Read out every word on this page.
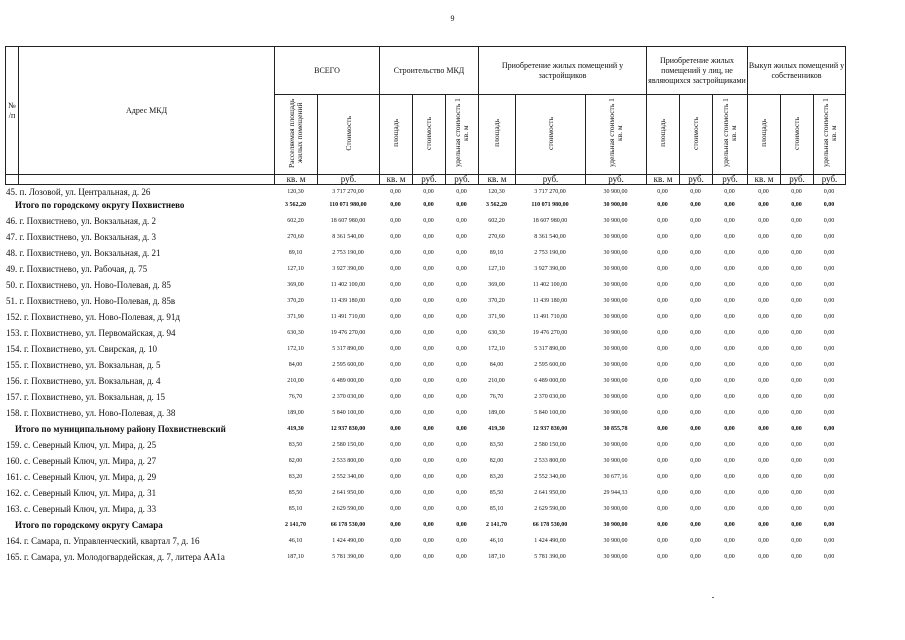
9
№
/п	Адрес МКД	ВСЕГО		Строительство МКД			Приобретение жилых помещений у застройщиков			Приобретение жилых помещений у лиц, не являющихся застройщиками			Выкуп жилых помещений у собственников		
		Расселяемая площадь жилых помещений	Стоимость	площадь	стоимость	удельная стоимость 1 кв. м	площадь	стоимость	удельная стоимость 1 кв. м	площадь	стоимость	удельная стоимость 1 кв. м	площадь	стоимость	удельная стоимость 1 кв. м
		кв. м	руб.	кв. м	руб.	руб.	кв. м	руб.	руб.	кв. м	руб.	руб.	кв. м	руб.	руб.
45. п. Лозовой, ул. Центральная, д. 26	120,30	3 717 270,00	0,00	0,00	0,00	120,30	3 717 270,00	30 900,00	0,00	0,00	0,00	0,00	0,00	0,00
Итого по городскому округу Похвистнево	3 562,20	110 071 980,00	0,00	0,00	0,00	3 562,20	110 071 980,00	30 900,00	0,00	0,00	0,00	0,00	0,00	0,00
46. г. Похвистнево, ул. Вокзальная, д. 2	602,20	18 607 980,00	0,00	0,00	0,00	602,20	18 607 980,00	30 900,00	0,00	0,00	0,00	0,00	0,00	0,00
47. г. Похвистнево, ул. Вокзальная, д. 3	270,60	8 361 540,00	0,00	0,00	0,00	270,60	8 361 540,00	30 900,00	0,00	0,00	0,00	0,00	0,00	0,00
48. г. Похвистнево, ул. Вокзальная, д. 21	89,10	2 753 190,00	0,00	0,00	0,00	89,10	2 753 190,00	30 900,00	0,00	0,00	0,00	0,00	0,00	0,00
49. г. Похвистнево, ул. Рабочая, д. 75	127,10	3 927 390,00	0,00	0,00	0,00	127,10	3 927 390,00	30 900,00	0,00	0,00	0,00	0,00	0,00	0,00
50. г. Похвистнево, ул. Ново-Полевая, д. 85	369,00	11 402 100,00	0,00	0,00	0,00	369,00	11 402 100,00	30 900,00	0,00	0,00	0,00	0,00	0,00	0,00
51. г. Похвистнево, ул. Ново-Полевая, д. 85в	370,20	11 439 180,00	0,00	0,00	0,00	370,20	11 439 180,00	30 900,00	0,00	0,00	0,00	0,00	0,00	0,00
152. г. Похвистнево, ул. Ново-Полевая, д. 91д	371,90	11 491 710,00	0,00	0,00	0,00	371,90	11 491 710,00	30 900,00	0,00	0,00	0,00	0,00	0,00	0,00
153. г. Похвистнево, ул. Первомайская, д. 94	630,30	19 476 270,00	0,00	0,00	0,00	630,30	19 476 270,00	30 900,00	0,00	0,00	0,00	0,00	0,00	0,00
154. г. Похвистнево, ул. Свирская, д. 10	172,10	5 317 890,00	0,00	0,00	0,00	172,10	5 317 890,00	30 900,00	0,00	0,00	0,00	0,00	0,00	0,00
155. г. Похвистнево, ул. Вокзальная, д. 5	84,00	2 595 600,00	0,00	0,00	0,00	84,00	2 595 600,00	30 900,00	0,00	0,00	0,00	0,00	0,00	0,00
156. г. Похвистнево, ул. Вокзальная, д. 4	210,00	6 489 000,00	0,00	0,00	0,00	210,00	6 489 000,00	30 900,00	0,00	0,00	0,00	0,00	0,00	0,00
157. г. Похвистнево, ул. Вокзальная, д. 15	76,70	2 370 030,00	0,00	0,00	0,00	76,70	2 370 030,00	30 900,00	0,00	0,00	0,00	0,00	0,00	0,00
158. г. Похвистнево, ул. Ново-Полевая, д. 38	189,00	5 840 100,00	0,00	0,00	0,00	189,00	5 840 100,00	30 900,00	0,00	0,00	0,00	0,00	0,00	0,00
Итого по муниципальному району Похвистневский	419,30	12 937 830,00	0,00	0,00	0,00	419,30	12 937 830,00	30 855,78	0,00	0,00	0,00	0,00	0,00	0,00
159. с. Северный Ключ, ул. Мира, д. 25	83,50	2 580 150,00	0,00	0,00	0,00	83,50	2 580 150,00	30 900,00	0,00	0,00	0,00	0,00	0,00	0,00
160. с. Северный Ключ, ул. Мира, д. 27	82,00	2 533 800,00	0,00	0,00	0,00	82,00	2 533 800,00	30 900,00	0,00	0,00	0,00	0,00	0,00	0,00
161. с. Северный Ключ, ул. Мира, д. 29	83,20	2 552 340,00	0,00	0,00	0,00	83,20	2 552 340,00	30 677,16	0,00	0,00	0,00	0,00	0,00	0,00
162. с. Северный Ключ, ул. Мира, д. 31	85,50	2 641 950,00	0,00	0,00	0,00	85,50	2 641 950,00	29 944,33	0,00	0,00	0,00	0,00	0,00	0,00
163. с. Северный Ключ, ул. Мира, д. 33	85,10	2 629 590,00	0,00	0,00	0,00	85,10	2 629 590,00	30 900,00	0,00	0,00	0,00	0,00	0,00	0,00
Итого по городскому округу Самара	2 141,70	66 178 530,00	0,00	0,00	0,00	2 141,70	66 178 530,00	30 900,00	0,00	0,00	0,00	0,00	0,00	0,00
164. г. Самара, п. Управленческий, квартал 7, д. 16	46,10	1 424 490,00	0,00	0,00	0,00	46,10	1 424 490,00	30 900,00	0,00	0,00	0,00	0,00	0,00	0,00
165. г. Самара, ул. Молодогвардейская, д. 7, литера АА1а	187,10	5 781 390,00	0,00	0,00	0,00	187,10	5 781 390,00	30 900,00	0,00	0,00	0,00	0,00	0,00	0,00
